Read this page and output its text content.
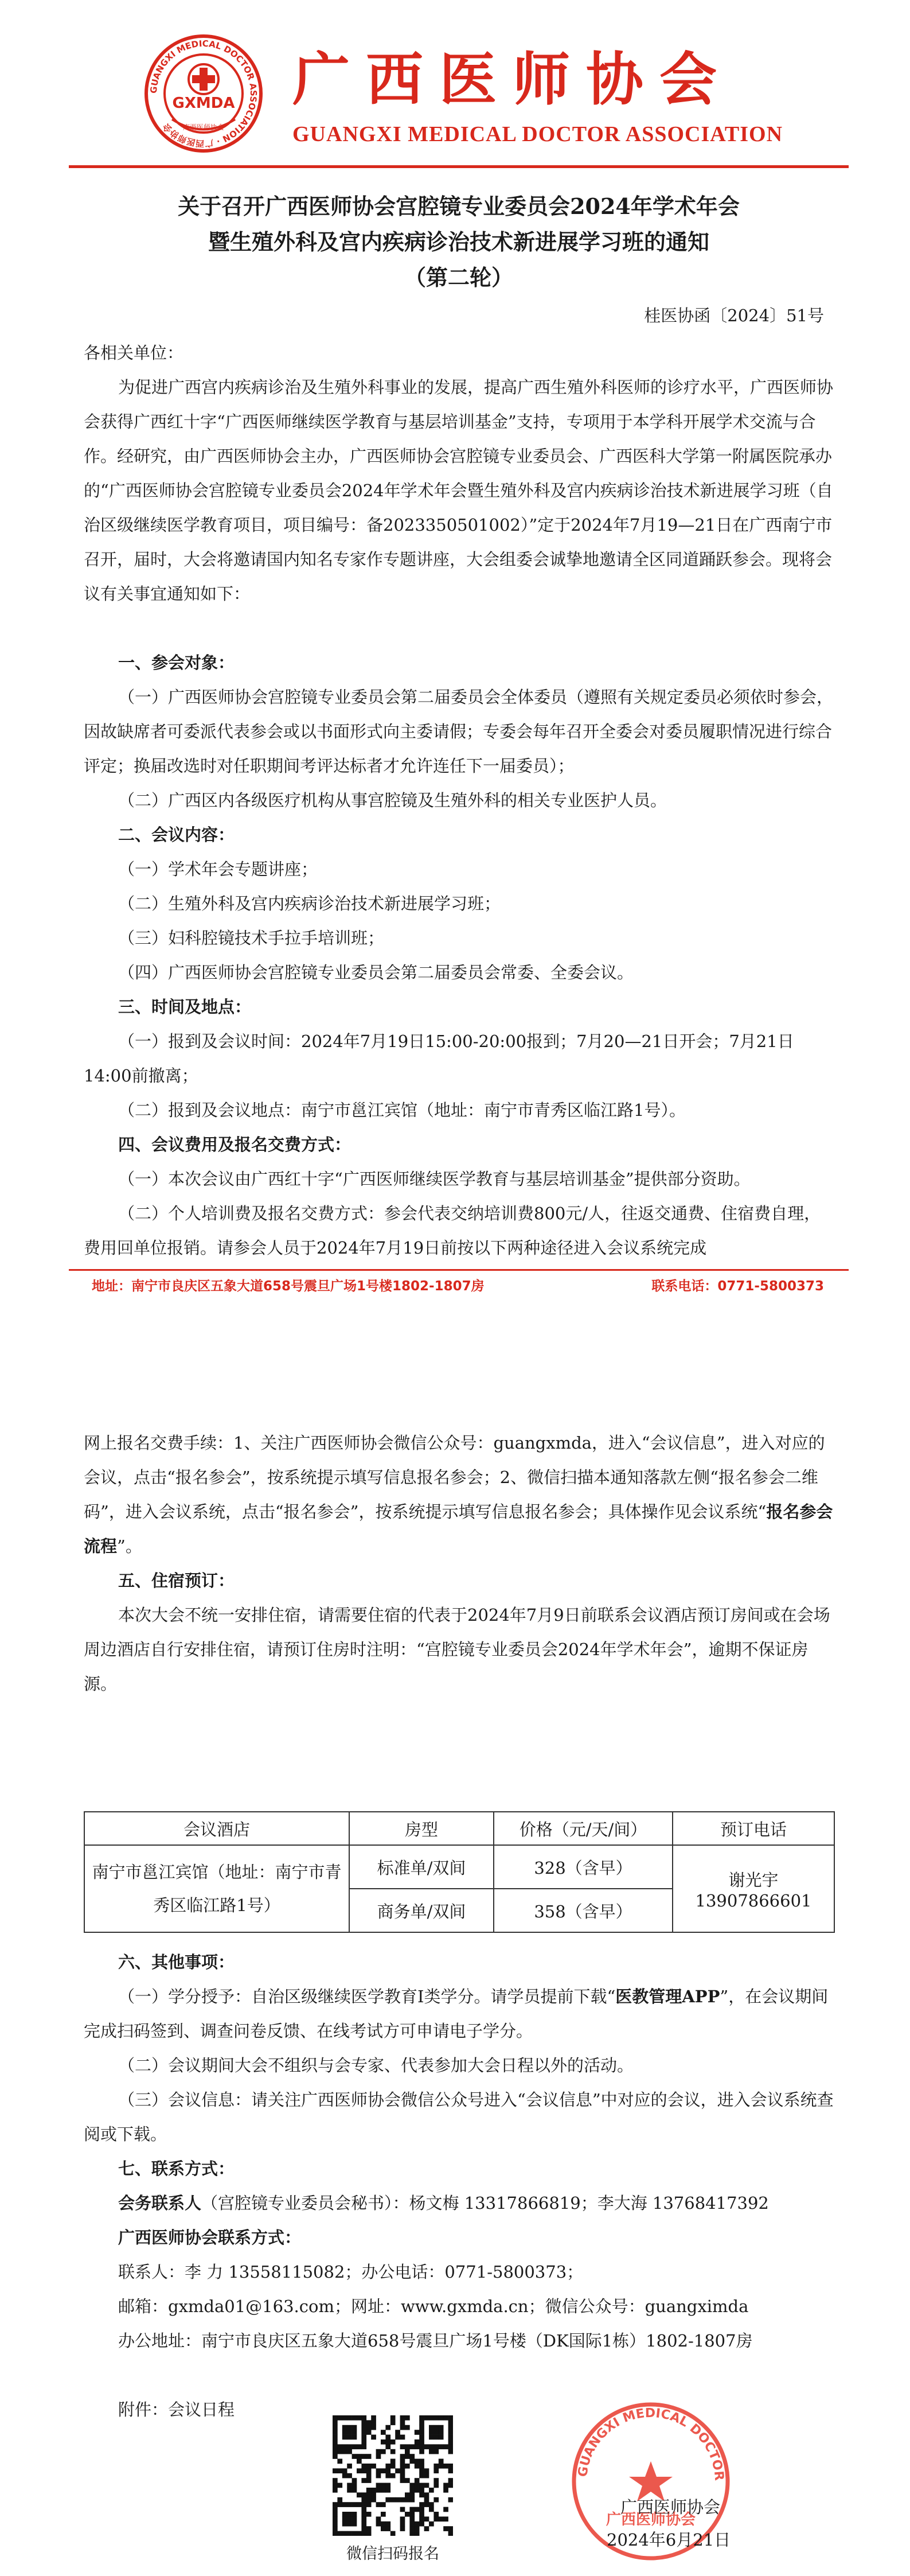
GUANGXI MEDICAL DOCTOR ASSOCIATION · 广西医师协会
GXMDA
广西医师协会
广西医师协会
GUANGXI MEDICAL DOCTOR ASSOCIATION
关于召开广西医师协会宫腔镜专业委员会2024年学术年会
暨生殖外科及宫内疾病诊治技术新进展学习班的通知
（第二轮）
桂医协函〔2024〕51号

各相关单位：

为促进广西宫内疾病诊治及生殖外科事业的发展，提高广西生殖外科医师的诊疗水平，广西医师协会获得广西红十字“广西医师继续医学教育与基层培训基金”支持，专项用于本学科开展学术交流与合作。经研究，由广西医师协会主办，广西医师协会宫腔镜专业委员会、广西医科大学第一附属医院承办的“广西医师协会宫腔镜专业委员会2024年学术年会暨生殖外科及宫内疾病诊治技术新进展学习班（自治区级继续医学教育项目，项目编号：备2023350501002）”定于2024年7月19—21日在广西南宁市召开，届时，大会将邀请国内知名专家作专题讲座，大会组委会诚挚地邀请全区同道踊跃参会。现将会议有关事宜通知如下：

一、参会对象：

（一）广西医师协会宫腔镜专业委员会第二届委员会全体委员（遵照有关规定委员必须依时参会，因故缺席者可委派代表参会或以书面形式向主委请假；专委会每年召开全委会对委员履职情况进行综合评定；换届改选时对任职期间考评达标者才允许连任下一届委员）；

（二）广西区内各级医疗机构从事宫腔镜及生殖外科的相关专业医护人员。

二、会议内容：

（一）学术年会专题讲座；

（二）生殖外科及宫内疾病诊治技术新进展学习班；

（三）妇科腔镜技术手拉手培训班；

（四）广西医师协会宫腔镜专业委员会第二届委员会常委、全委会议。

三、时间及地点：

（一）报到及会议时间：2024年7月19日15:00-20:00报到；7月20—21日开会；7月21日14:00前撤离；

（二）报到及会议地点：南宁市邕江宾馆（地址：南宁市青秀区临江路1号）。

四、会议费用及报名交费方式：

（一）本次会议由广西红十字“广西医师继续医学教育与基层培训基金”提供部分资助。

（二）个人培训费及报名交费方式：参会代表交纳培训费800元/人，往返交通费、住宿费自理，费用回单位报销。请参会人员于2024年7月19日前按以下两种途径进入会议系统完成

地址：南宁市良庆区五象大道658号震旦广场1号楼1802-1807房	联系电话：0771-5800373

网上报名交费手续：1、关注广西医师协会微信公众号：guangxmda，进入“会议信息”，进入对应的会议，点击“报名参会”，按系统提示填写信息报名参会；2、微信扫描本通知落款左侧“报名参会二维码”，进入会议系统，点击“报名参会”，按系统提示填写信息报名参会；具体操作见会议系统“报名参会流程”。

五、住宿预订：

本次大会不统一安排住宿，请需要住宿的代表于2024年7月9日前联系会议酒店预订房间或在会场周边酒店自行安排住宿，请预订住房时注明：“宫腔镜专业委员会2024年学术年会”，逾期不保证房源。

会议酒店	房型	价格（元/天/间）	预订电话
南宁市邕江宾馆（地址：南宁市青秀区临江路1号）	标准单/双间	328（含早）	谢光宇 13907866601
	商务单/双间	358（含早）	

六、其他事项：

（一）学分授予：自治区级继续医学教育I类学分。请学员提前下载“医教管理APP”，在会议期间完成扫码签到、调查问卷反馈、在线考试方可申请电子学分。

（二）会议期间大会不组织与会专家、代表参加大会日程以外的活动。

（三）会议信息：请关注广西医师协会微信公众号进入“会议信息”中对应的会议，进入会议系统查阅或下载。

七、联系方式：

会务联系人（宫腔镜专业委员会秘书）：杨文梅 13317866819；李大海 13768417392

广西医师协会联系方式：

联系人：李 力 13558115082；办公电话：0771-5800373；

邮箱：gxmda01@163.com；网址：www.gxmda.cn；微信公众号：guangximda

办公地址：南宁市良庆区五象大道658号震旦广场1号楼（DK国际1栋）1802-1807房

附件：会议日程

微信扫码报名
GUANGXI MEDICAL DOCTOR
广西医师协会
广西医师协会
2024年6月21日
